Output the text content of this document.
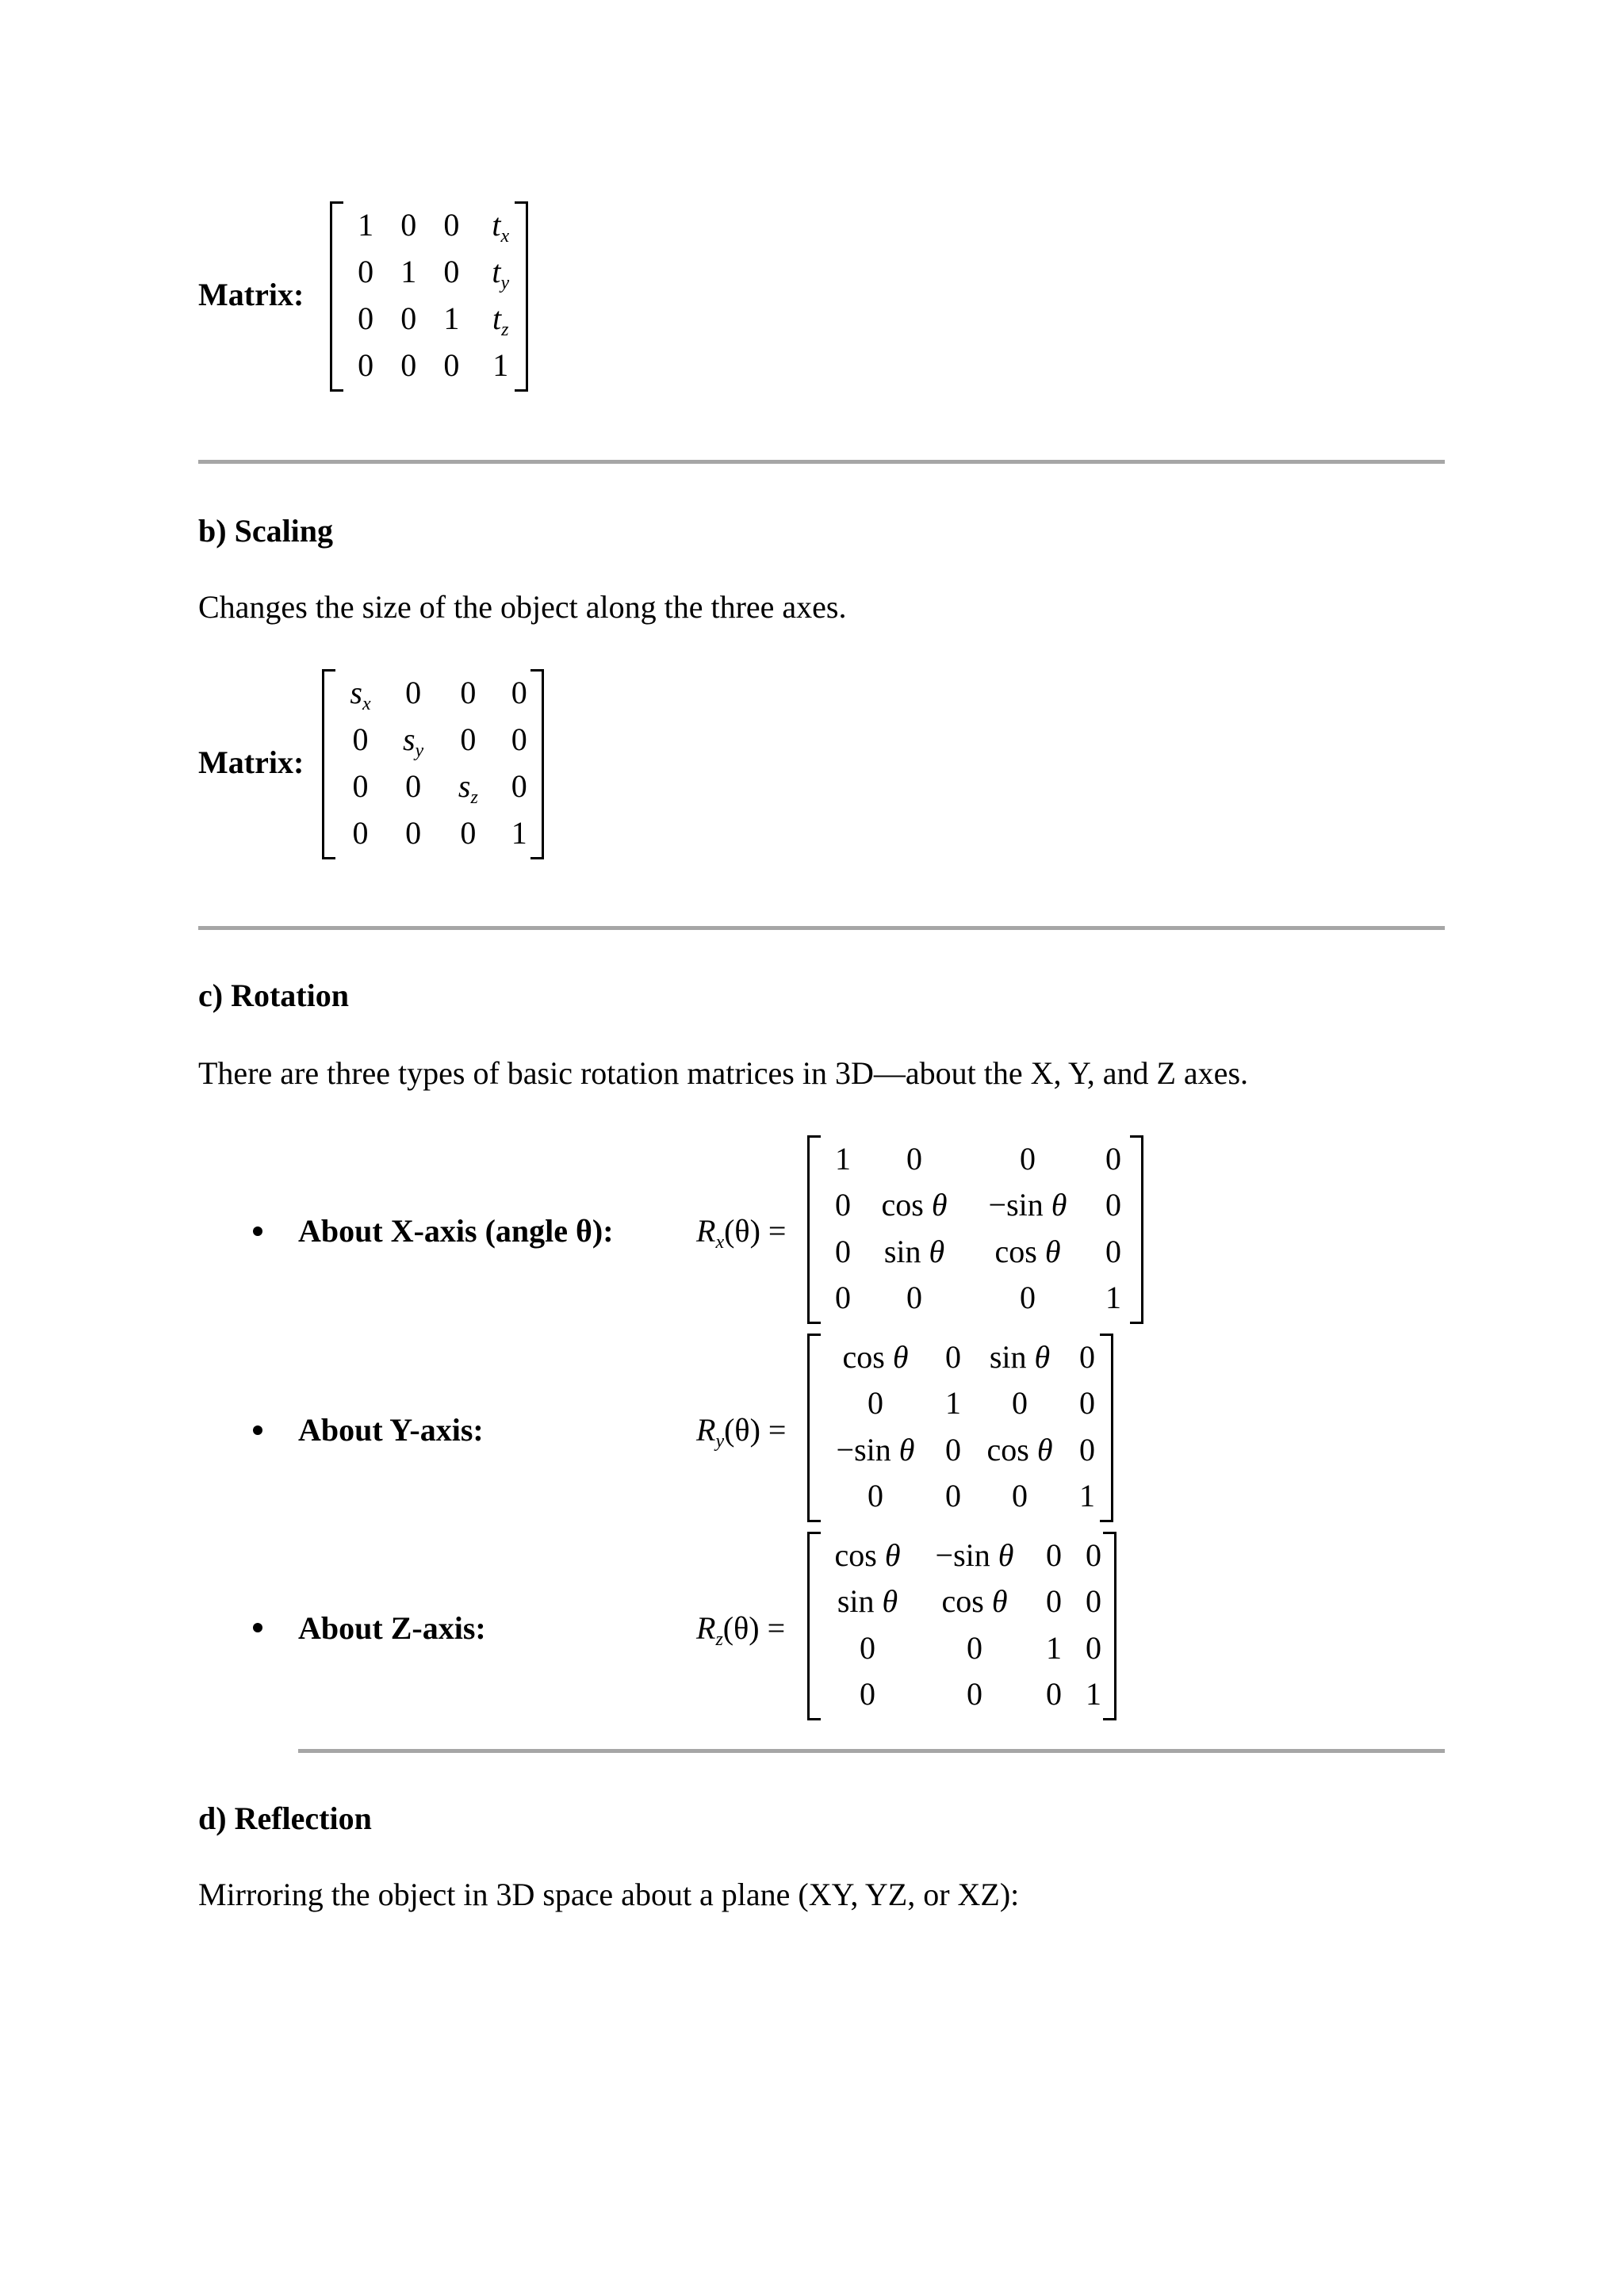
Matrix:
1	0	0	$t_x$
0	1	0	$t_y$
0	0	1	$t_z$
0	0	0	1
b) Scaling
Changes the size of the object along the three axes.
Matrix:
$s_x$	0	0	0
0	$s_y$	0	0
0	0	$s_z$	0
0	0	0	1
c) Rotation
There are three types of basic rotation matrices in 3D—about the X, Y, and Z axes.
About X-axis (angle θ):	$R_x(\theta)$ =
1	0	0	0
0	cos θ	−sin θ	0
0	sin θ	cos θ	0
0	0	0	1
About Y-axis:	$R_y(\theta)$ =
cos θ	0	sin θ	0
0	1	0	0
−sin θ	0	cos θ	0
0	0	0	1
About Z-axis:	$R_z(\theta)$ =
cos θ	−sin θ	0	0
sin θ	cos θ	0	0
0	0	1	0
0	0	0	1
d) Reflection
Mirroring the object in 3D space about a plane (XY, YZ, or XZ):
